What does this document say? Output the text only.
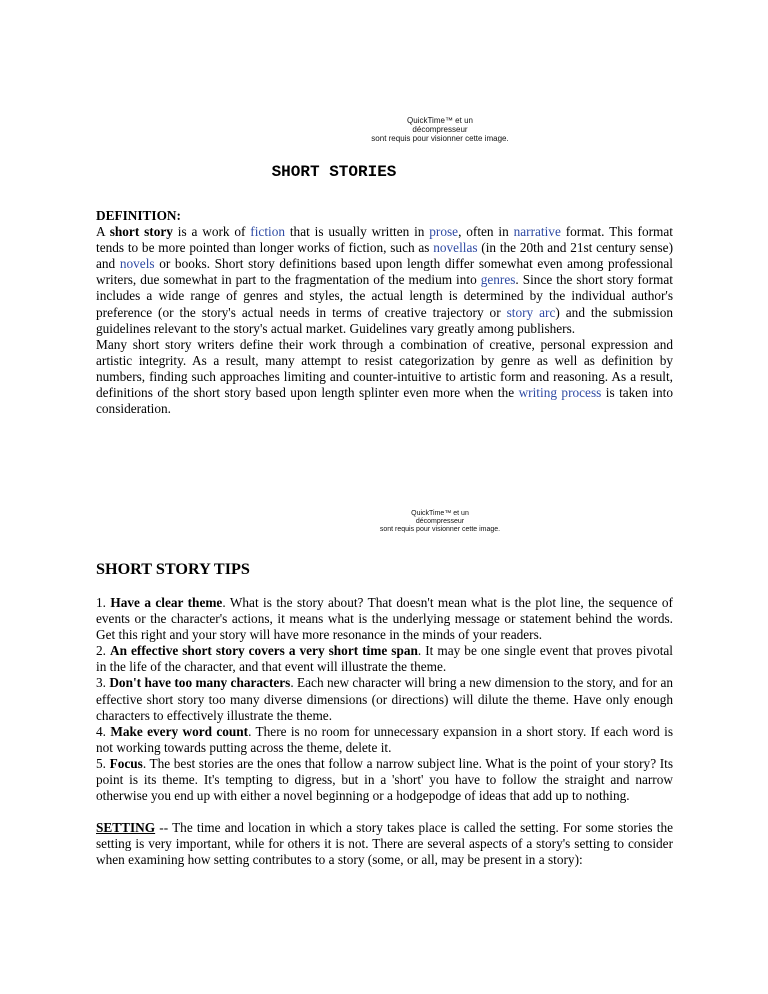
QuickTime™ et un
décompresseur
sont requis pour visionner cette image.
SHORT STORIES

DEFINITION:

A short story is a work of fiction that is usually written in prose, often in narrative format. This format tends to be more pointed than longer works of fiction, such as novellas (in the 20th and 21st century sense) and novels or books. Short story definitions based upon length differ somewhat even among professional writers, due somewhat in part to the fragmentation of the medium into genres. Since the short story format includes a wide range of genres and styles, the actual length is determined by the individual author's preference (or the story's actual needs in terms of creative trajectory or story arc) and the submission guidelines relevant to the story's actual market. Guidelines vary greatly among publishers.

Many short story writers define their work through a combination of creative, personal expression and artistic integrity. As a result, many attempt to resist categorization by genre as well as definition by numbers, finding such approaches limiting and counter-intuitive to artistic form and reasoning. As a result, definitions of the short story based upon length splinter even more when the writing process is taken into consideration.

QuickTime™ et un
décompresseur
sont requis pour visionner cette image.
SHORT STORY TIPS

1. Have a clear theme. What is the story about? That doesn't mean what is the plot line, the sequence of events or the character's actions, it means what is the underlying message or statement behind the words. Get this right and your story will have more resonance in the minds of your readers.

2. An effective short story covers a very short time span. It may be one single event that proves pivotal in the life of the character, and that event will illustrate the theme.

3. Don't have too many characters. Each new character will bring a new dimension to the story, and for an effective short story too many diverse dimensions (or directions) will dilute the theme. Have only enough characters to effectively illustrate the theme.

4. Make every word count. There is no room for unnecessary expansion in a short story. If each word is not working towards putting across the theme, delete it.

5. Focus. The best stories are the ones that follow a narrow subject line. What is the point of your story? Its point is its theme. It's tempting to digress, but in a 'short' you have to follow the straight and narrow otherwise you end up with either a novel beginning or a hodgepodge of ideas that add up to nothing.

SETTING -- The time and location in which a story takes place is called the setting. For some stories the setting is very important, while for others it is not. There are several aspects of a story's setting to consider when examining how setting contributes to a story (some, or all, may be present in a story):
